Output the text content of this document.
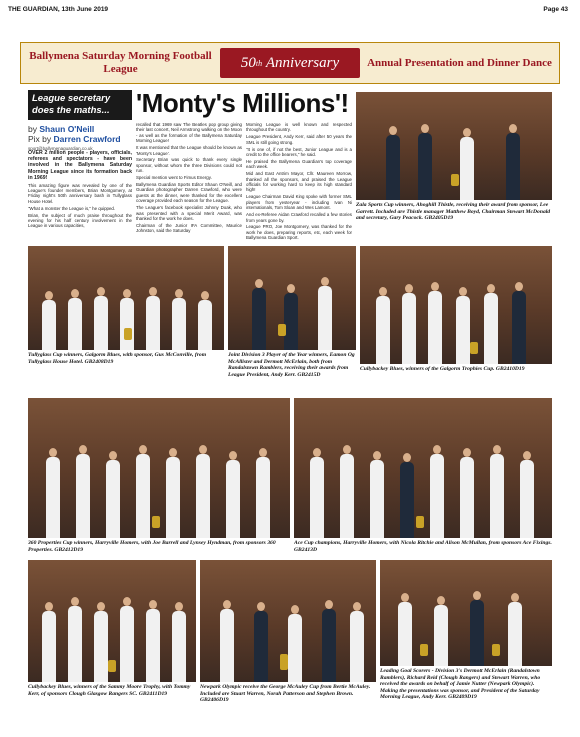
THE GUARDIAN, 13th June 2019	Page 43
Ballymena Saturday Morning Football League	50 th
Anniversary	Annual Presentation and Dinner Dance
League secretary does the maths...	'Monty's Millions'!
by Shaun O'Neill
Pix by Darren Crawford
sport@ballymenaguardian.co.uk

OVER 2 million people - players, officials, referees and spectators - have been involved in the Ballymena Saturday Morning League since its formation back in 1969!

This amazing figure was revealed by one of the League's founder members, Brian Montgomery, at Friday night's 50th anniversary bash in Tullyglass House Hotel.

"What a monster the League is," he quipped.

Brian, the subject of much praise throughout the evening for his half century involvement in the League in various capacities,

recalled that 1969 saw The Beatles pop group giving their last concert, Neil Armstrong walking on the Moon - as well as the formation of the Ballymena Saturday Morning League!

It was mentioned that the League should be known as 'Monty's League'.

Secretary Brian was quick to thank every single sponsor, without whom the three Divisions could not run.

Special mention went to Fimus Energy.

Ballymena Guardian Sports Editor Shaun O'Neill, and Guardian photographer Darren Crawford, who were guests at the dinner, were thanked for the excellent coverage provided each season for the League.

The League's facebook specialist Johnny Doak, who was presented with a special Merit Award, was thanked for the work he does.

Chairman of the Junior IFA Committee, Maurice Johnston, said the Saturday

Morning League is well known and respected throughout the country.

League President, Andy Kerr, said after 50 years the SML is still going strong.

"It is one of, if not the best, Junior League and is a credit to the office bearers," he said.

He praised the Ballymena Guardian's top coverage each week.

Mid and East Antrim Mayor, Cllr. Maureen Morrow, thanked all the sponsors, and praised the League officials for working hard to keep its high standard high!

League Chairman David King spoke with former SML players from yesteryear - including Ivan Ni internationals, Tom Sloan and Wes Lamont.

And ex-Referee Aidan Crawford recalled a few stories from years gone by.

League PRO, Joe Montgomery, was thanked for the work he does, preparing reports, etc, each week for Ballymena Guardian Sport.

Zala Sports Cup winners, Ahoghill Thistle, receiving their award from sponsor, Lee Garrett. Included are Thistle manager Matthew Boyd, Chairman Stewart McDonald and secretary, Gary Peacock. GB2405D19
Tullyglass Cup winners, Galgorm Blues, with sponsor, Gus McConville, from Tullyglass House Hotel. GB2408D19
Joint Division 3 Player of the Year winners, Eamon Og McAllister and Dermott McErlain, both from Randalstown Ramblers, receiving their awards from League President, Andy Kerr. GB2415D
Cullybackey Blues, winners of the Galgorm Trophies Cup. GB2410D19
360 Properties Cup winners, Harryville Homers, with Joe Barrell and Lynsey Hyndman, from sponsors 360 Properties. GB2412D19
Ace Cup champions, Harryville Homers, with Nicola Ritchie and Alison McMullan, from sponsors Ace Fixings. GB2413D
Cullybackey Blues, winners of the Sammy Moore Trophy, with Tommy Kerr, of sponsors Clough Glasgow Rangers SC. GB2411D19
Newpark Olympic receive the George McAuley Cup from Bertie McAuley. Included are Stuart Warren, Norah Patterson and Stephen Brown. GB2406D19
Leading Goal Scorers - Division 3's Dermott McErlain (Randalstown Ramblers), Richard Reid (Clough Rangers) and Stewart Warren, who received the awards on behalf of Jamie Nutter (Newpark Olympic). Making the presentations was sponsor, and President of the Saturday Morning League, Andy Kerr. GB2409D19
